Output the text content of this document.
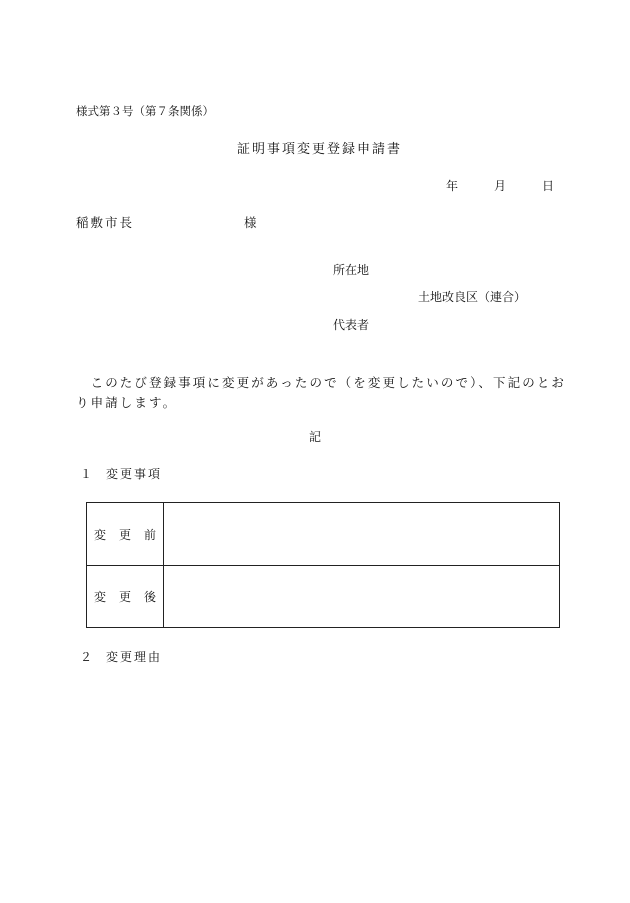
様式第３号（第７条関係）
証明事項変更登録申請書
年	月	日
稲敷市長	様
所在地
土地改良区（連合）
代表者
　このたび登録事項に変更があったので（を変更したいので）、下記のとお
り申請します。
記
１ 変更事項
変更前
変更後
２ 変更理由
